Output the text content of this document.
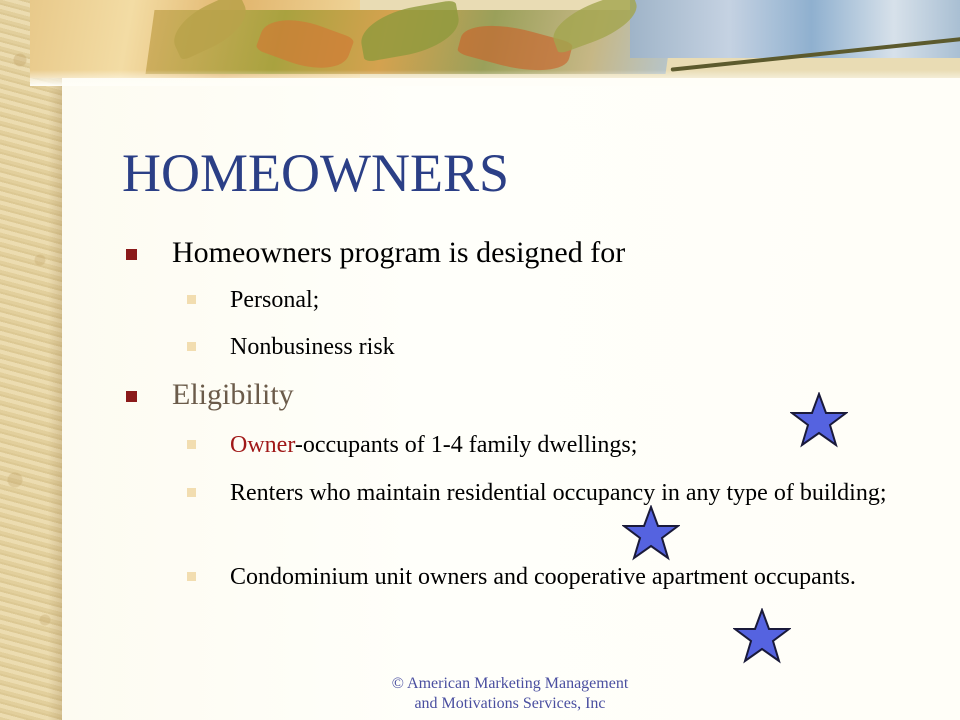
HOMEOWNERS
Homeowners program is designed for
Personal;
Nonbusiness risk
Eligibility
Owner-occupants of 1-4 family dwellings;
Renters who maintain residential occupancy in any type of building;
Condominium unit owners and cooperative apartment occupants.
© American Marketing Management
and Motivations Services, Inc
